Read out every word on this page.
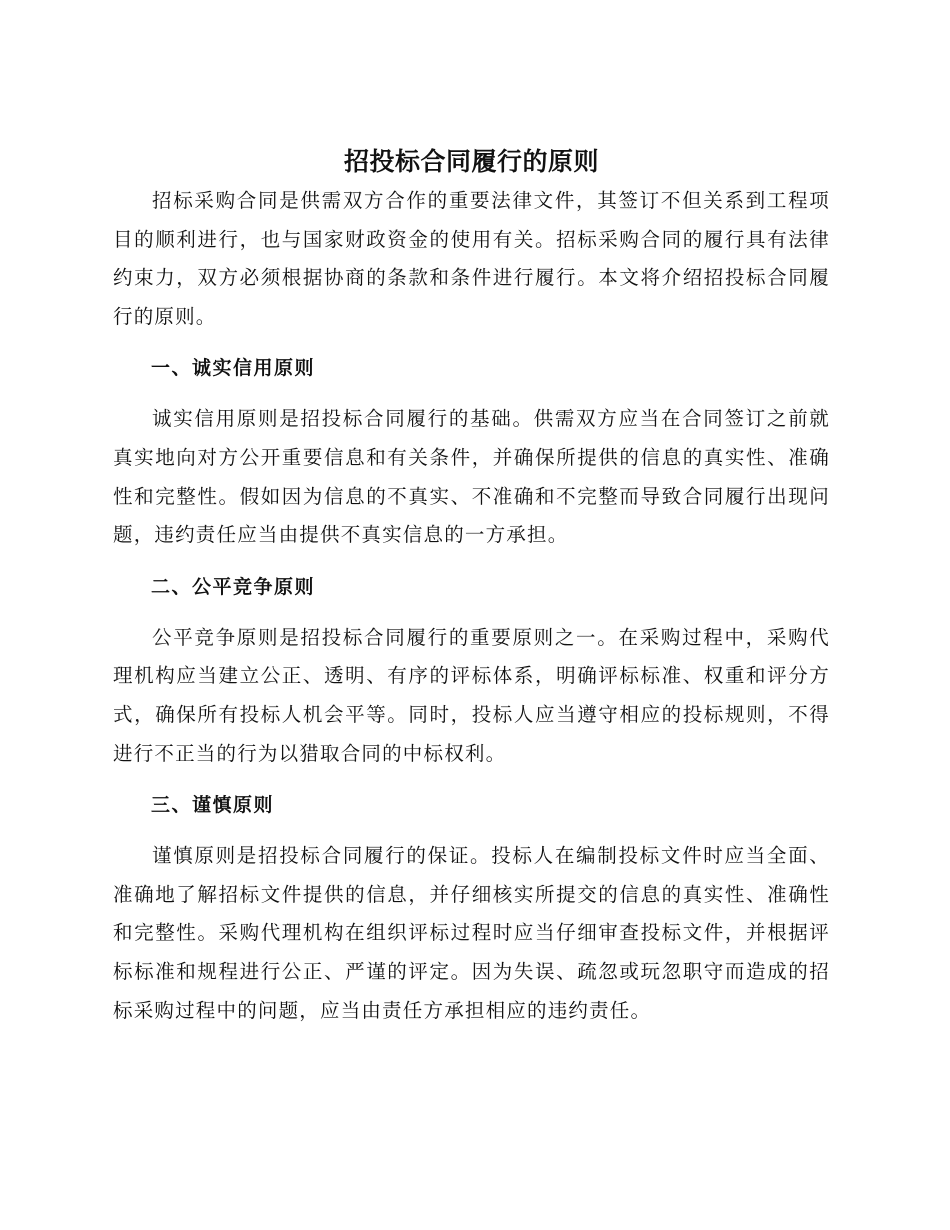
招投标合同履行的原则

招标采购合同是供需双方合作的重要法律文件，其签订不但关系到工程项目的顺利进行，也与国家财政资金的使用有关。招标采购合同的履行具有法律约束力，双方必须根据协商的条款和条件进行履行。本文将介绍招投标合同履行的原则。

一、诚实信用原则

诚实信用原则是招投标合同履行的基础。供需双方应当在合同签订之前就真实地向对方公开重要信息和有关条件，并确保所提供的信息的真实性、准确性和完整性。假如因为信息的不真实、不准确和不完整而导致合同履行出现问题，违约责任应当由提供不真实信息的一方承担。

二、公平竞争原则

公平竞争原则是招投标合同履行的重要原则之一。在采购过程中，采购代理机构应当建立公正、透明、有序的评标体系，明确评标标准、权重和评分方式，确保所有投标人机会平等。同时，投标人应当遵守相应的投标规则，不得进行不正当的行为以猎取合同的中标权利。

三、谨慎原则

谨慎原则是招投标合同履行的保证。投标人在编制投标文件时应当全面、准确地了解招标文件提供的信息，并仔细核实所提交的信息的真实性、准确性和完整性。采购代理机构在组织评标过程时应当仔细审查投标文件，并根据评标标准和规程进行公正、严谨的评定。因为失误、疏忽或玩忽职守而造成的招标采购过程中的问题，应当由责任方承担相应的违约责任。
